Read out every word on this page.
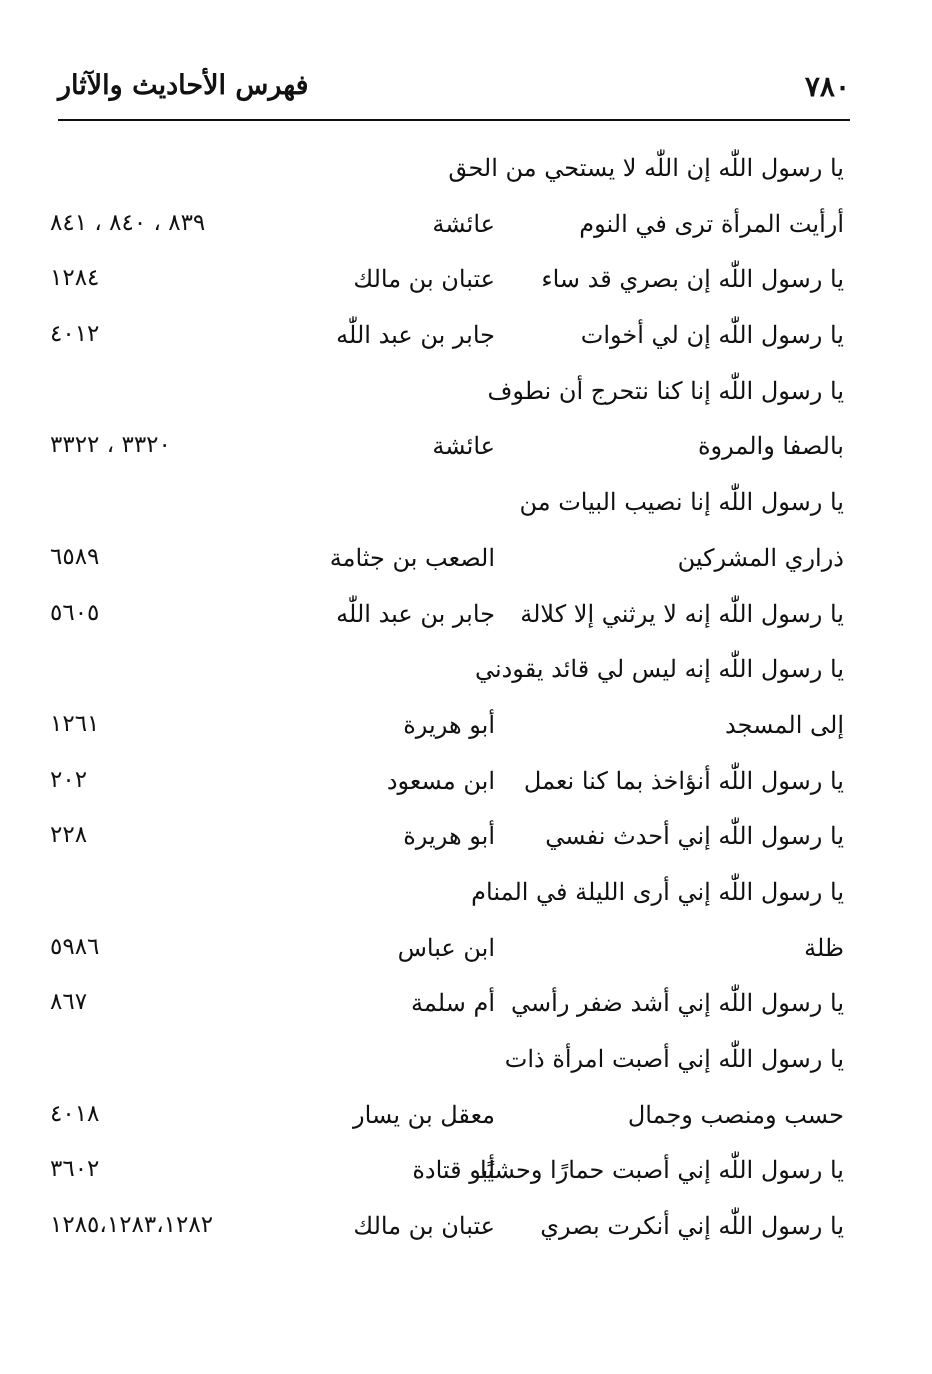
٧٨٠
فهرس الأحاديث والآثار
يا رسول اللّٰه إن اللّٰه لا يستحي من الحق
أرأيت المرأة ترى في النوم
عائشة
٨٣٩ ، ٨٤٠ ، ٨٤١
يا رسول اللّٰه إن بصري قد ساء
عتبان بن مالك
١٢٨٤
يا رسول اللّٰه إن لي أخوات
جابر بن عبد اللّٰه
٤٠١٢
يا رسول اللّٰه إنا كنا نتحرج أن نطوف
بالصفا والمروة
عائشة
٣٣٢٠ ، ٣٣٢٢
يا رسول اللّٰه إنا نصيب البيات من
ذراري المشركين
الصعب بن جثامة
٦٥٨٩
يا رسول اللّٰه إنه لا يرثني إلا كلالة
جابر بن عبد اللّٰه
٥٦٠٥
يا رسول اللّٰه إنه ليس لي قائد يقودني
إلى المسجد
أبو هريرة
١٢٦١
يا رسول اللّٰه أنؤاخذ بما كنا نعمل
ابن مسعود
٢٠٢
يا رسول اللّٰه إني أحدث نفسي
أبو هريرة
٢٢٨
يا رسول اللّٰه إني أرى الليلة في المنام
ظلة
ابن عباس
٥٩٨٦
يا رسول اللّٰه إني أشد ضفر رأسي
أم سلمة
٨٦٧
يا رسول اللّٰه إني أصبت امرأة ذات
حسب ومنصب وجمال
معقل بن يسار
٤٠١٨
يا رسول اللّٰه إني أصبت حمارًا وحشيًا
أبو قتادة
٣٦٠٢
يا رسول اللّٰه إني أنكرت بصري
عتبان بن مالك
١٢٨٥،١٢٨٣،١٢٨٢
